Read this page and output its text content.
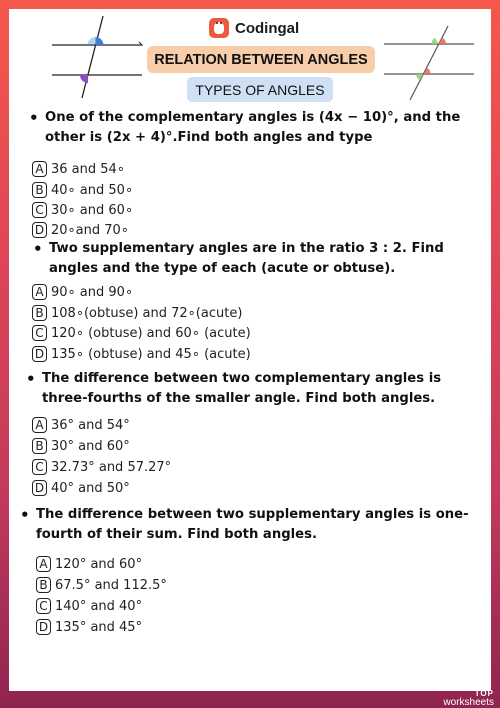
Codingal
RELATION BETWEEN ANGLES
TYPES OF ANGLES
• One of the complementary angles is (4x − 10)°, and the other is (2x + 4)°.Find both angles and type
A 36 and 54∘
B 40∘ and 50∘
C 30∘ and 60∘
D 20∘and 70∘
• Two supplementary angles are in the ratio 3 : 2. Find angles and the type of each (acute or obtuse).
A 90∘ and 90∘
B 108∘(obtuse) and 72∘(acute)
C 120∘ (obtuse) and 60∘ (acute)
D 135∘ (obtuse) and 45∘ (acute)
• The difference between two complementary angles is three-fourths of the smaller angle. Find both angles.
A 36° and 54°
B 30° and 60°
C 32.73° and 57.27°
D 40° and 50°
• The difference between two supplementary angles is one-fourth of their sum. Find both angles.
A 120° and 60°
B 67.5° and 112.5°
C 140° and 40°
D 135° and 45°
TOP
worksheets
